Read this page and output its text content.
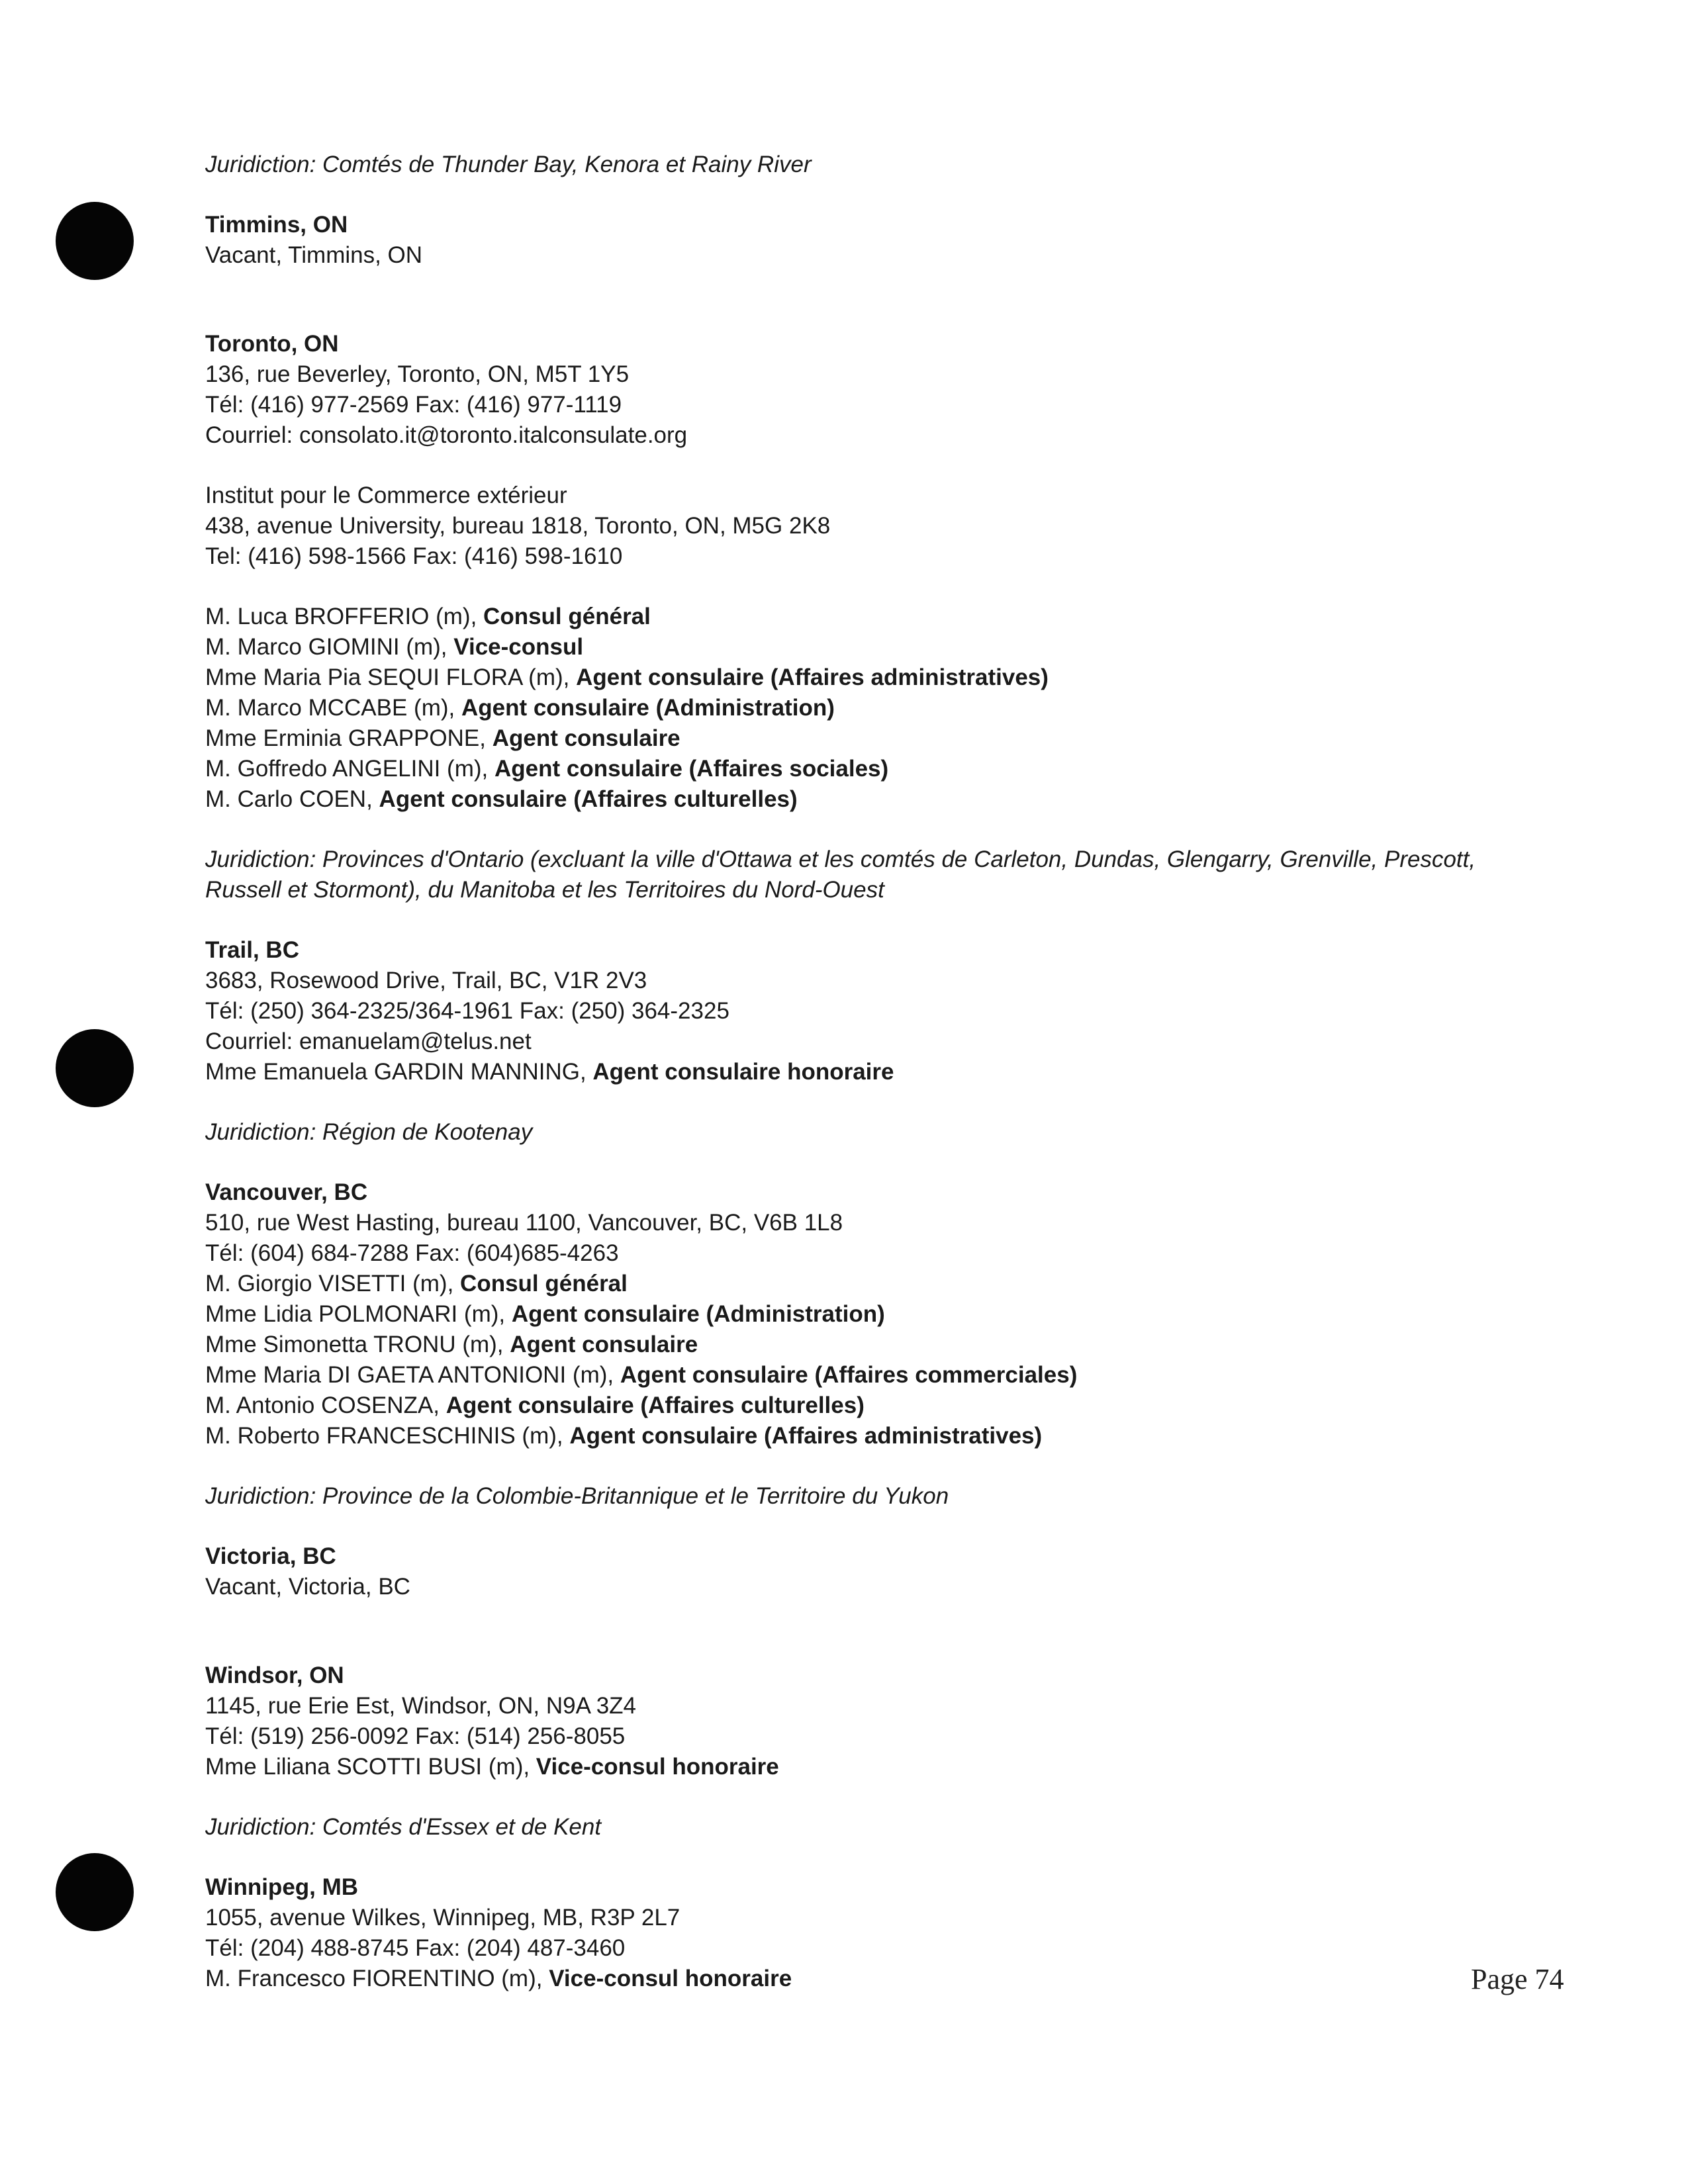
Juridiction: Comtés de Thunder Bay, Kenora et Rainy River
Timmins, ON
Vacant, Timmins, ON
Toronto, ON
136, rue Beverley, Toronto, ON, M5T 1Y5
Tél: (416) 977-2569 Fax: (416) 977-1119
Courriel: consolato.it@toronto.italconsulate.org
Institut pour le Commerce extérieur
438, avenue University, bureau 1818, Toronto, ON, M5G 2K8
Tel: (416) 598-1566 Fax: (416) 598-1610
M. Luca BROFFERIO (m), Consul général
M. Marco GIOMINI (m), Vice-consul
Mme Maria Pia SEQUI FLORA (m), Agent consulaire (Affaires administratives)
M. Marco MCCABE (m), Agent consulaire (Administration)
Mme Erminia GRAPPONE, Agent consulaire
M. Goffredo ANGELINI (m), Agent consulaire (Affaires sociales)
M. Carlo COEN, Agent consulaire (Affaires culturelles)
Juridiction: Provinces d'Ontario (excluant la ville d'Ottawa et les comtés de Carleton, Dundas, Glengarry, Grenville, Prescott, Russell et Stormont), du Manitoba et les Territoires du Nord-Ouest
Trail, BC
3683, Rosewood Drive, Trail, BC, V1R 2V3
Tél: (250) 364-2325/364-1961 Fax: (250) 364-2325
Courriel: emanuelam@telus.net
Mme Emanuela GARDIN MANNING, Agent consulaire honoraire
Juridiction: Région de Kootenay
Vancouver, BC
510, rue West Hasting, bureau 1100, Vancouver, BC, V6B 1L8
Tél: (604) 684-7288 Fax: (604)685-4263
M. Giorgio VISETTI (m), Consul général
Mme Lidia POLMONARI (m), Agent consulaire (Administration)
Mme Simonetta TRONU (m), Agent consulaire
Mme Maria DI GAETA ANTONIONI (m), Agent consulaire (Affaires commerciales)
M. Antonio COSENZA, Agent consulaire (Affaires culturelles)
M. Roberto FRANCESCHINIS (m), Agent consulaire (Affaires administratives)
Juridiction: Province de la Colombie-Britannique et le Territoire du Yukon
Victoria, BC
Vacant, Victoria, BC
Windsor, ON
1145, rue Erie Est, Windsor, ON, N9A 3Z4
Tél: (519) 256-0092 Fax: (514) 256-8055
Mme Liliana SCOTTI BUSI (m), Vice-consul honoraire
Juridiction: Comtés d'Essex et de Kent
Winnipeg, MB
1055, avenue Wilkes, Winnipeg, MB, R3P 2L7
Tél: (204) 488-8745 Fax: (204) 487-3460
M. Francesco FIORENTINO (m), Vice-consul honoraire	Page 74
